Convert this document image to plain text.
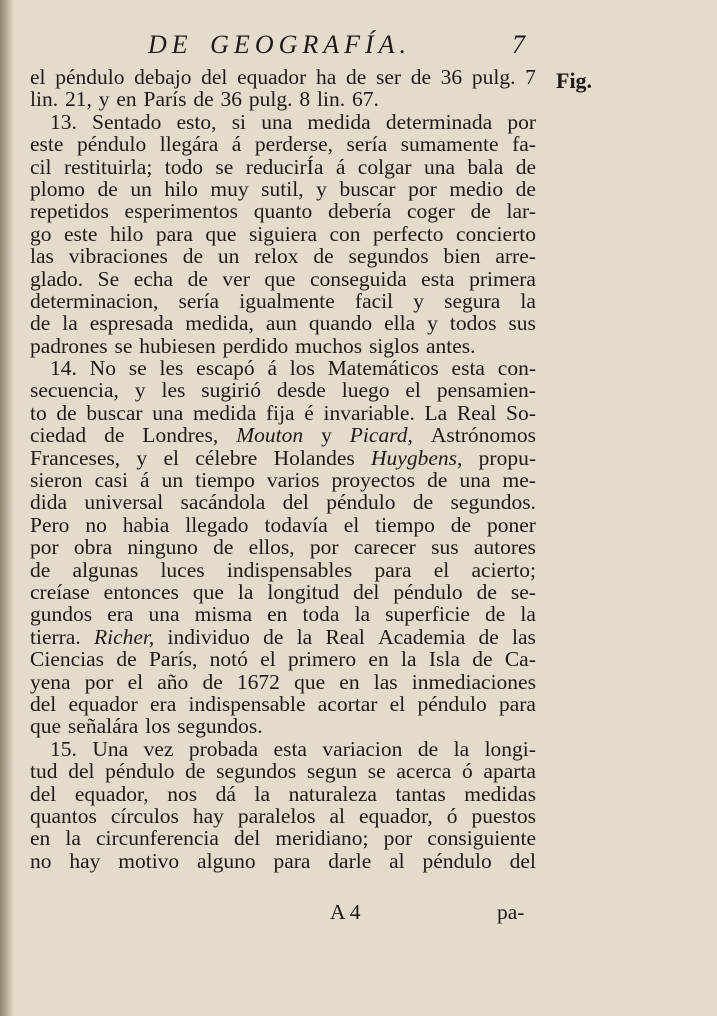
DE GEOGRAFÍA.	7
Fig.
el péndulo debajo del equador ha de ser de 36 pulg. 7
lin. 21, y en París de 36 pulg. 8 lin. 67.
13. Sentado esto, si una medida determinada por
este péndulo llegára á perderse, sería sumamente fa-
cil restituirla; todo se reducirÍa á colgar una bala de
plomo de un hilo muy sutil, y buscar por medio de
repetidos esperimentos quanto debería coger de lar-
go este hilo para que siguiera con perfecto concierto
las vibraciones de un relox de segundos bien arre-
glado. Se echa de ver que conseguida esta primera
determinacion, sería igualmente facil y segura la
de la espresada medida, aun quando ella y todos sus
padrones se hubiesen perdido muchos siglos antes.
14. No se les escapó á los Matemáticos esta con-
secuencia, y les sugirió desde luego el pensamien-
to de buscar una medida fija é invariable. La Real So-
ciedad de Londres, Mouton y Picard, Astrónomos
Franceses, y el célebre Holandes Huygbens, propu-
sieron casi á un tiempo varios proyectos de una me-
dida universal sacándola del péndulo de segundos.
Pero no habia llegado todavía el tiempo de poner
por obra ninguno de ellos, por carecer sus autores
de algunas luces indispensables para el acierto;
creíase entonces que la longitud del péndulo de se-
gundos era una misma en toda la superficie de la
tierra. Richer, individuo de la Real Academia de las
Ciencias de París, notó el primero en la Isla de Ca-
yena por el año de 1672 que en las inmediaciones
del equador era indispensable acortar el péndulo para
que señalára los segundos.
15. Una vez probada esta variacion de la longi-
tud del péndulo de segundos segun se acerca ó aparta
del equador, nos dá la naturaleza tantas medidas
quantos círculos hay paralelos al equador, ó puestos
en la circunferencia del meridiano; por consiguiente
no hay motivo alguno para darle al péndulo del
A 4	pa-
